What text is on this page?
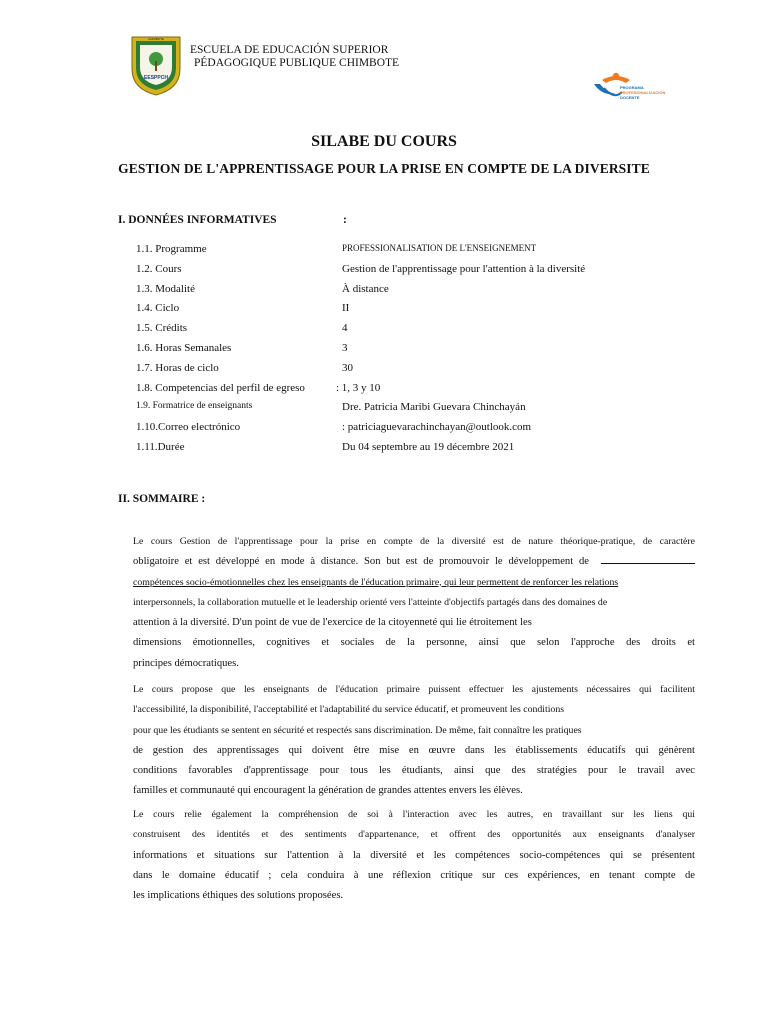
EESPPCH
CHIMBOTE
ESCUELA DE EDUCACIÓN SUPERIOR
PÉDAGOGIQUE PUBLIQUE CHIMBOTE
PROGRAMA
PROFESIONALIZACIÓN
DOCENTE
SILABE DU COURS
GESTION DE L'APPRENTISSAGE POUR LA PRISE EN COMPTE DE LA DIVERSITE
I. DONNÉES INFORMATIVES	:
1.1. Programme	PROFESSIONALISATION DE L'ENSEIGNEMENT
1.2. Cours	Gestion de l'apprentissage pour l'attention à la diversité
1.3. Modalité	À distance
1.4. Ciclo	II
1.5. Crédits	4
1.6. Horas Semanales	3
1.7. Horas de ciclo	30
1.8. Competencias del perfil de egreso	: 1, 3 y 10
1.9. Formatrice de enseignants	Dre. Patricia Maribi Guevara Chinchayán
1.10.Correo electrónico	: patriciaguevarachinchayan@outlook.com
1.11.Durée	Du 04 septembre au 19 décembre 2021
II. SOMMAIRE :
Le cours Gestion de l'apprentissage pour la prise en compte de la diversité est de nature théorique-pratique, de caractère
obligatoire et est développé en mode à distance. Son but est de promouvoir le développement de
compétences socio-émotionnelles chez les enseignants de l'éducation primaire, qui leur permettent de renforcer les relations
interpersonnels, la collaboration mutuelle et le leadership orienté vers l'atteinte d'objectifs partagés dans des domaines de
attention à la diversité. D'un point de vue de l'exercice de la citoyenneté qui lie étroitement les
dimensions émotionnelles, cognitives et sociales de la personne, ainsi que selon l'approche des droits et
principes démocratiques.
Le cours propose que les enseignants de l'éducation primaire puissent effectuer les ajustements nécessaires qui facilitent
l'accessibilité, la disponibilité, l'acceptabilité et l'adaptabilité du service éducatif, et promeuvent les conditions
pour que les étudiants se sentent en sécurité et respectés sans discrimination. De même, fait connaître les pratiques
de gestion des apprentissages qui doivent être mise en œuvre dans les établissements éducatifs qui génèrent
conditions favorables d'apprentissage pour tous les étudiants, ainsi que des stratégies pour le travail avec
familles et communauté qui encouragent la génération de grandes attentes envers les élèves.
Le cours relie également la compréhension de soi à l'interaction avec les autres, en travaillant sur les liens qui
construisent des identités et des sentiments d'appartenance, et offrent des opportunités aux enseignants d'analyser
informations et situations sur l'attention à la diversité et les compétences socio-compétences qui se présentent
dans le domaine éducatif ; cela conduira à une réflexion critique sur ces expériences, en tenant compte de
les implications éthiques des solutions proposées.
